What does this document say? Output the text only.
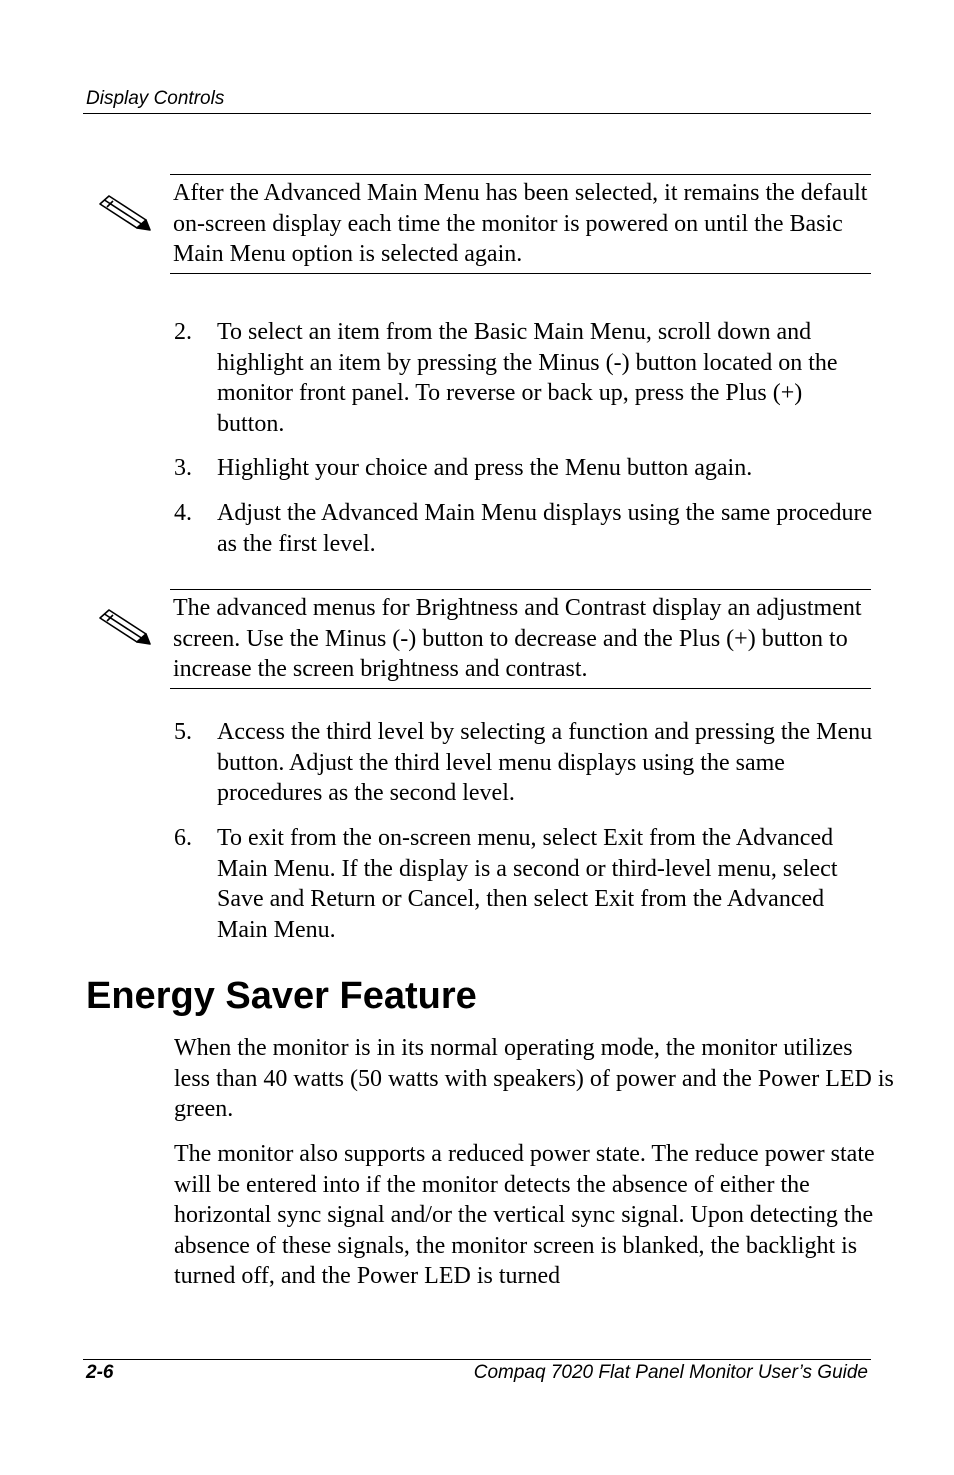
Display Controls
After the Advanced Main Menu has been selected, it remains the default on-screen display each time the monitor is powered on until the Basic Main Menu option is selected again.
2. To select an item from the Basic Main Menu, scroll down and highlight an item by pressing the Minus (-) button located on the monitor front panel. To reverse or back up, press the Plus (+) button.
3. Highlight your choice and press the Menu button again.
4. Adjust the Advanced Main Menu displays using the same procedure as the first level.
The advanced menus for Brightness and Contrast display an adjustment screen. Use the Minus (-) button to decrease and the Plus (+) button to increase the screen brightness and contrast.
5. Access the third level by selecting a function and pressing the Menu button. Adjust the third level menu displays using the same procedures as the second level.
6. To exit from the on-screen menu, select Exit from the Advanced Main Menu. If the display is a second or third-level menu, select Save and Return or Cancel, then select Exit from the Advanced Main Menu.
Energy Saver Feature
When the monitor is in its normal operating mode, the monitor utilizes less than 40 watts (50 watts with speakers) of power and the Power LED is green.
The monitor also supports a reduced power state. The reduce power state will be entered into if the monitor detects the absence of either the horizontal sync signal and/or the vertical sync signal. Upon detecting the absence of these signals, the monitor screen is blanked, the backlight is turned off, and the Power LED is turned
2-6	Compaq 7020 Flat Panel Monitor User’s Guide
